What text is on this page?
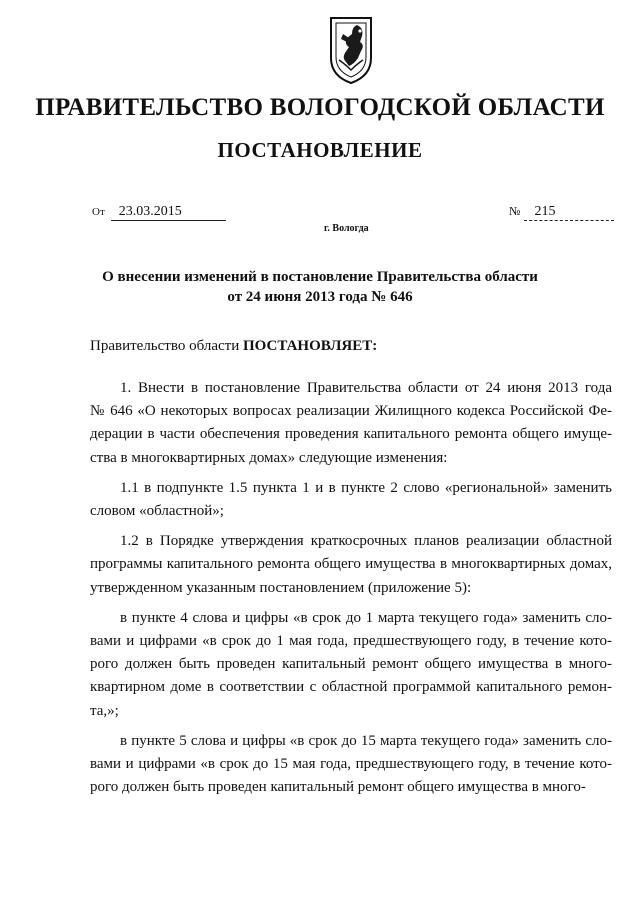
ПРАВИТЕЛЬСТВО ВОЛОГОДСКОЙ ОБЛАСТИ
ПОСТАНОВЛЕНИЕ
От 23.03.2015	№ 215
г. Вологда
О внесении изменений в постановление Правительства области
от 24 июня 2013 года № 646
Правительство области ПОСТАНОВЛЯЕТ:

1. Внести в постановление Правительства области от 24 июня 2013 года
№ 646 «О некоторых вопросах реализации Жилищного кодекса Российской Фе-
дерации в части обеспечения проведения капитального ремонта общего имуще-
ства в многоквартирных домах» следующие изменения:

1.1 в подпункте 1.5 пункта 1 и в пункте 2 слово «региональной» заменить
словом «областной»;

1.2 в Порядке утверждения краткосрочных планов реализации областной
программы капитального ремонта общего имущества в многоквартирных домах,
утвержденном указанным постановлением (приложение 5):

в пункте 4 слова и цифры «в срок до 1 марта текущего года» заменить сло-
вами и цифрами «в срок до 1 мая года, предшествующего году, в течение кото-
рого должен быть проведен капитальный ремонт общего имущества в много-
квартирном доме в соответствии с областной программой капитального ремон-
та,»;

в пункте 5 слова и цифры «в срок до 15 марта текущего года» заменить сло-
вами и цифрами «в срок до 15 мая года, предшествующего году, в течение кото-
рого должен быть проведен капитальный ремонт общего имущества в много-
